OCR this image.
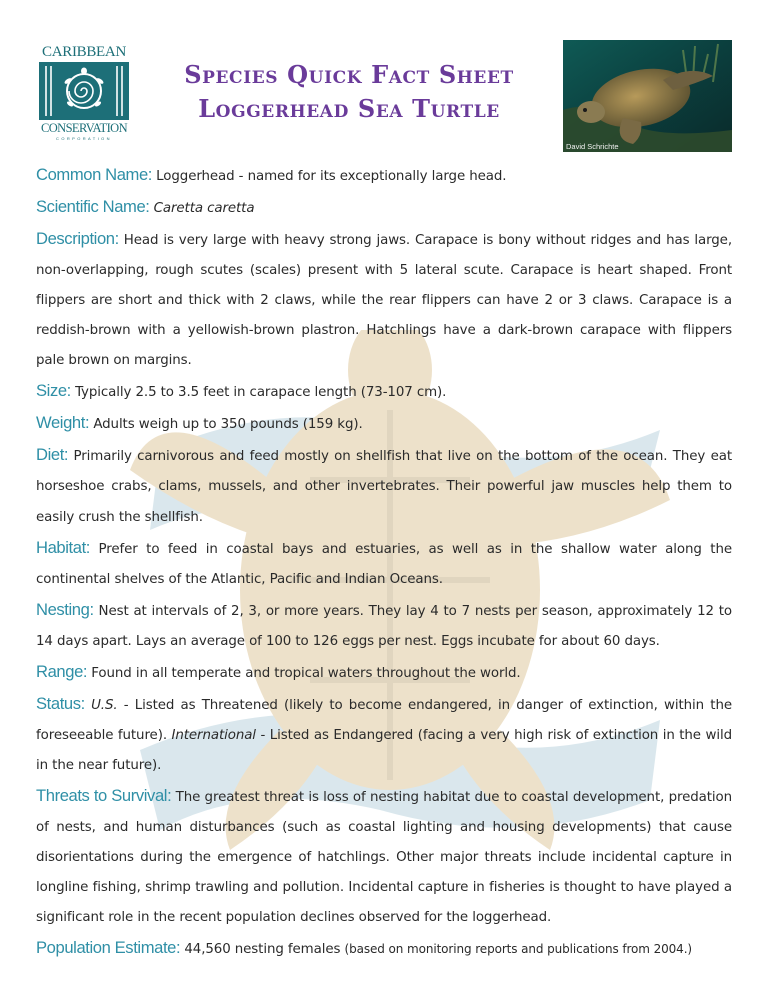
CARIBBEAN
CONSERVATION
CORPORATION
Species Quick Fact Sheet
Loggerhead Sea Turtle
David Schrichte

Common Name: Loggerhead - named for its exceptionally large head.

Scientific Name: Caretta caretta

Description: Head is very large with heavy strong jaws. Carapace is bony without ridges and has large, non-overlapping, rough scutes (scales) present with 5 lateral scute. Carapace is heart shaped. Front flippers are short and thick with 2 claws, while the rear flippers can have 2 or 3 claws. Carapace is a reddish-brown with a yellowish-brown plastron. Hatchlings have a dark-brown carapace with flippers pale brown on margins.

Size: Typically 2.5 to 3.5 feet in carapace length (73-107 cm).

Weight: Adults weigh up to 350 pounds (159 kg).

Diet: Primarily carnivorous and feed mostly on shellfish that live on the bottom of the ocean. They eat horseshoe crabs, clams, mussels, and other invertebrates. Their powerful jaw muscles help them to easily crush the shellfish.

Habitat: Prefer to feed in coastal bays and estuaries, as well as in the shallow water along the continental shelves of the Atlantic, Pacific and Indian Oceans.

Nesting: Nest at intervals of 2, 3, or more years. They lay 4 to 7 nests per season, approximately 12 to 14 days apart. Lays an average of 100 to 126 eggs per nest. Eggs incubate for about 60 days.

Range: Found in all temperate and tropical waters throughout the world.

Status: U.S. - Listed as Threatened (likely to become endangered, in danger of extinction, within the foreseeable future). International - Listed as Endangered (facing a very high risk of extinction in the wild in the near future).

Threats to Survival: The greatest threat is loss of nesting habitat due to coastal development, predation of nests, and human disturbances (such as coastal lighting and housing developments) that cause disorientations during the emergence of hatchlings. Other major threats include incidental capture in longline fishing, shrimp trawling and pollution. Incidental capture in fisheries is thought to have played a significant role in the recent population declines observed for the loggerhead.

Population Estimate: 44,560 nesting females (based on monitoring reports and publications from 2004.)
